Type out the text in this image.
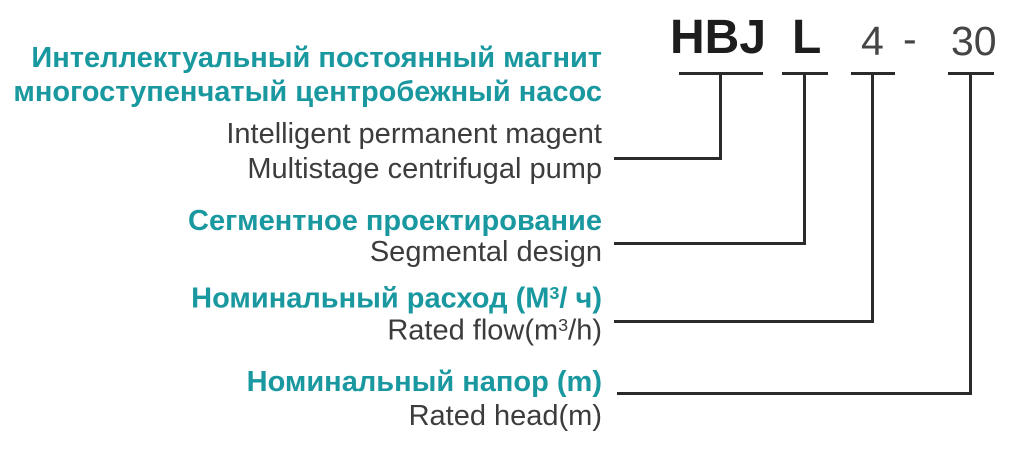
HBJ L 4 - 30
Интеллектуальный постоянный магнит
многоступенчатый центробежный насос
Intelligent permanent magent
Multistage centrifugal pump
Сегментное проектирование
Segmental design
Номинальный расход ($М^3/$ ч)
Rated $flow(m^3/h)$
Номинальный напор (m)
Rated head(m)
